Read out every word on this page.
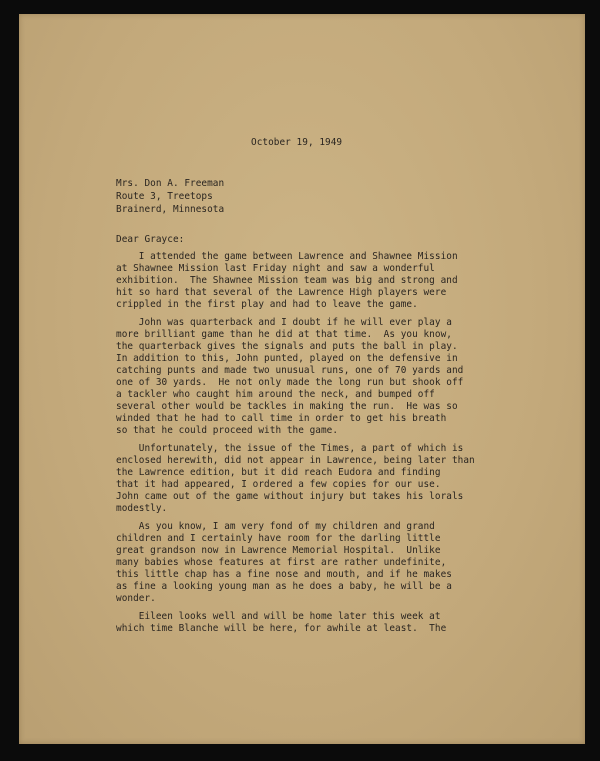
October 19, 1949
Mrs. Don A. Freeman
Route 3, Treetops
Brainerd, Minnesota
Dear Grayce:
I attended the game between Lawrence and Shawnee Mission
at Shawnee Mission last Friday night and saw a wonderful
exhibition.  The Shawnee Mission team was big and strong and
hit so hard that several of the Lawrence High players were
crippled in the first play and had to leave the game.
John was quarterback and I doubt if he will ever play a
more brilliant game than he did at that time.  As you know,
the quarterback gives the signals and puts the ball in play.
In addition to this, John punted, played on the defensive in
catching punts and made two unusual runs, one of 70 yards and
one of 30 yards.  He not only made the long run but shook off
a tackler who caught him around the neck, and bumped off
several other would be tackles in making the run.  He was so
winded that he had to call time in order to get his breath
so that he could proceed with the game.
Unfortunately, the issue of the Times, a part of which is
enclosed herewith, did not appear in Lawrence, being later than
the Lawrence edition, but it did reach Eudora and finding
that it had appeared, I ordered a few copies for our use.
John came out of the game without injury but takes his lorals
modestly.
As you know, I am very fond of my children and grand
children and I certainly have room for the darling little
great grandson now in Lawrence Memorial Hospital.  Unlike
many babies whose features at first are rather undefinite,
this little chap has a fine nose and mouth, and if he makes
as fine a looking young man as he does a baby, he will be a
wonder.
Eileen looks well and will be home later this week at
which time Blanche will be here, for awhile at least.  The
